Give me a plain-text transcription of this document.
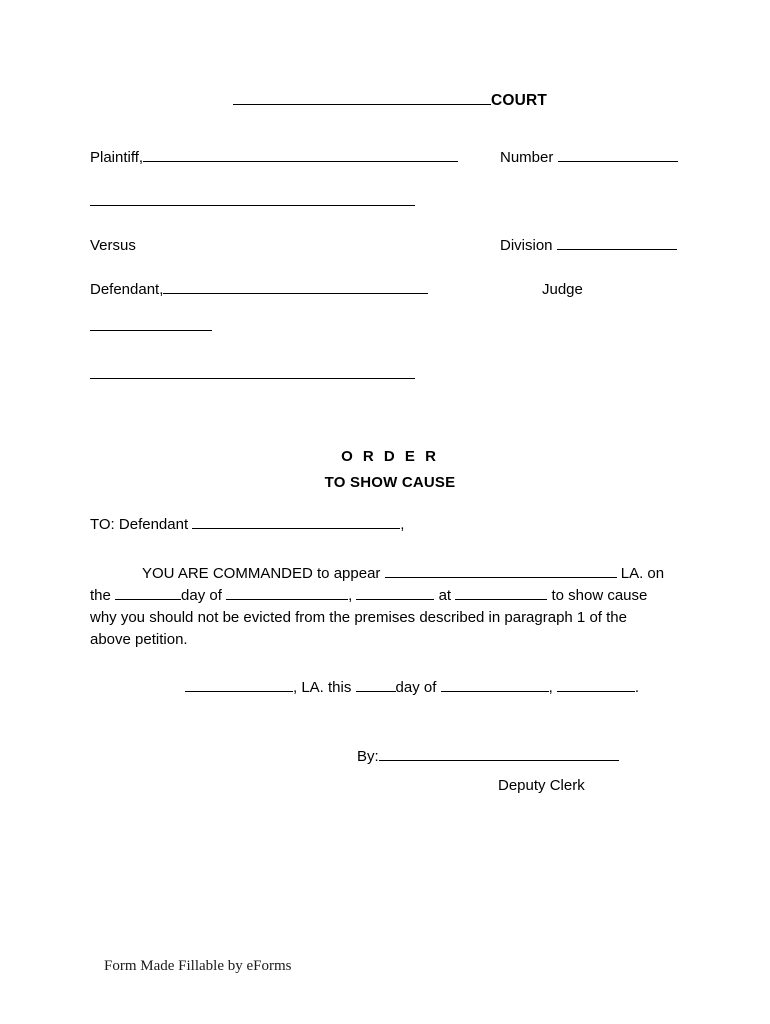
COURT
Plaintiff,	Number
Versus	Division
Defendant,	Judge
O R D E R
TO SHOW CAUSE
TO: Defendant	,
YOU ARE COMMANDED to appear	LA. on
the	day of	,	at	to show cause
why you should not be evicted from the premises described in paragraph 1 of the
above petition.
, LA. this	day of	,	.
By:
Deputy Clerk
Form Made Fillable by eForms
